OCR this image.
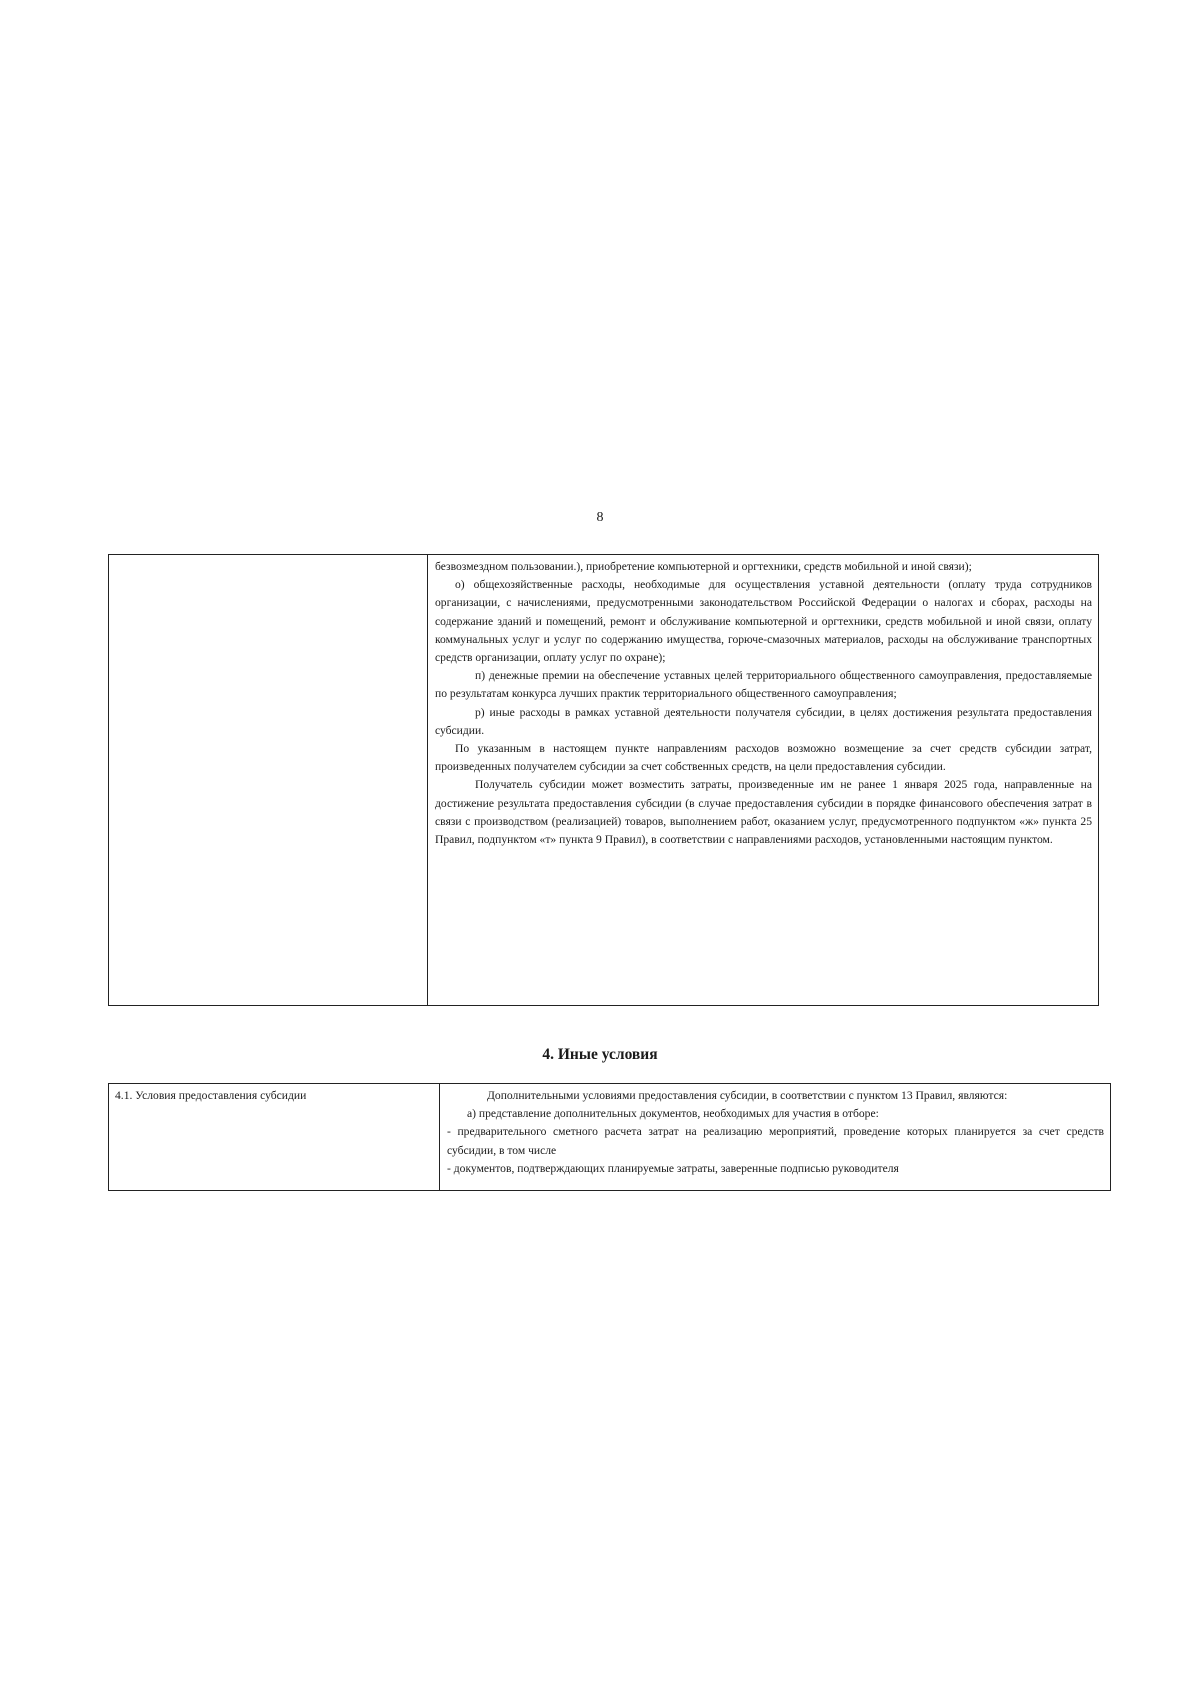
8

безвозмездном пользовании.), приобретение компьютерной и оргтехники, средств мобильной и иной связи);

о) общехозяйственные расходы, необходимые для осуществления уставной деятельности (оплату труда сотрудников организации, с начислениями, предусмотренными законодательством Российской Федерации о налогах и сборах, расходы на содержание зданий и помещений, ремонт и обслуживание компьютерной и оргтехники, средств мобильной и иной связи, оплату коммунальных услуг и услуг по содержанию имущества, горюче-смазочных материалов, расходы на обслуживание транспортных средств организации, оплату услуг по охране);

п) денежные премии на обеспечение уставных целей территориального общественного самоуправления, предоставляемые по результатам конкурса лучших практик территориального общественного самоуправления;

р) иные расходы в рамках уставной деятельности получателя субсидии, в целях достижения результата предоставления субсидии.

По указанным в настоящем пункте направлениям расходов возможно возмещение за счет средств субсидии затрат, произведенных получателем субсидии за счет собственных средств, на цели предоставления субсидии.

Получатель субсидии может возместить затраты, произведенные им не ранее 1 января 2025 года, направленные на достижение результата предоставления субсидии (в случае предоставления субсидии в порядке финансового обеспечения затрат в связи с производством (реализацией) товаров, выполнением работ, оказанием услуг, предусмотренного подпунктом «ж» пункта 25 Правил, подпунктом «т» пункта 9 Правил), в соответствии с направлениями расходов, установленными настоящим пунктом.

4. Иные условия
4.1. Условия предоставления субсидии	Дополнительными условиями предоставления субсидии, в соответствии с пунктом 13 Правил, являются:

а) представление дополнительных документов, необходимых для участия в отборе:

- предварительного сметного расчета затрат на реализацию мероприятий, проведение которых планируется за счет средств субсидии, в том числе

- документов, подтверждающих планируемые затраты, заверенные подписью руководителя
